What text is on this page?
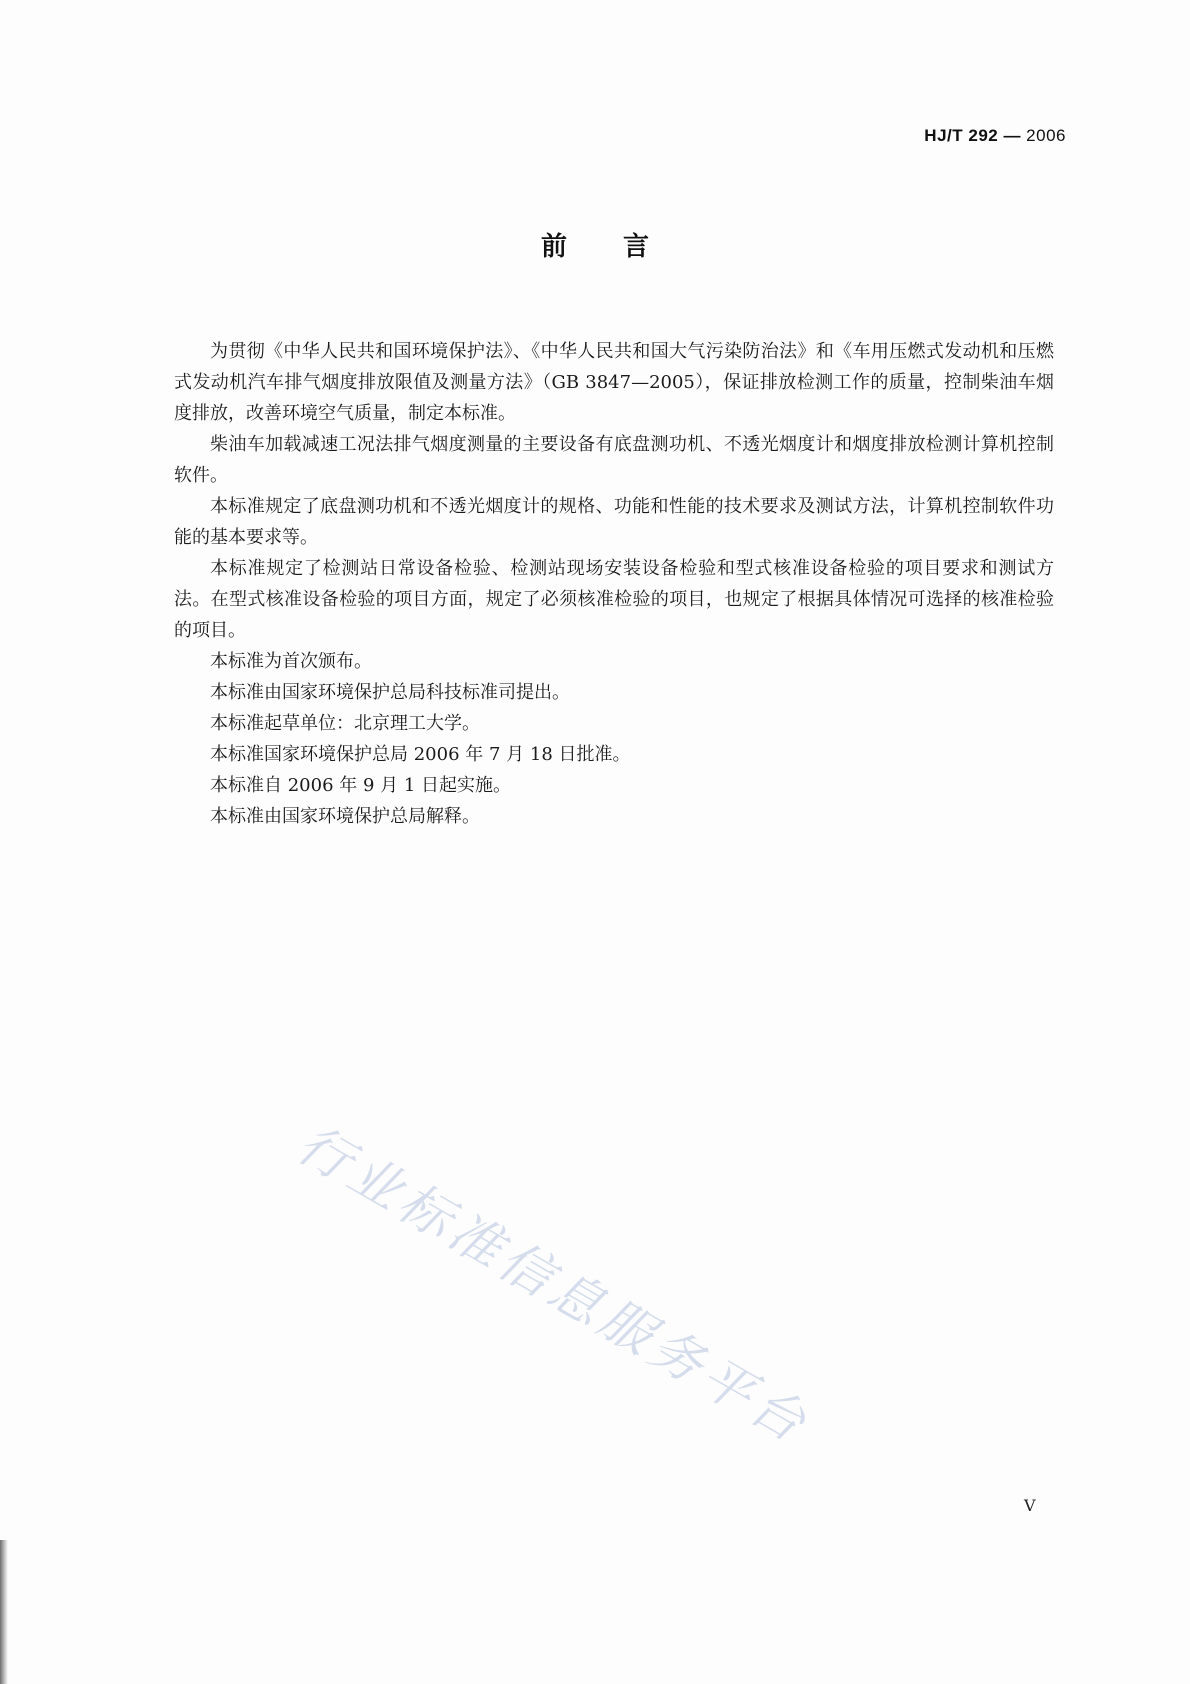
HJ/T 292 — 2006
前言

为贯彻《中华人民共和国环境保护法》、《中华人民共和国大气污染防治法》和《车用压燃式发动机和压燃式发动机汽车排气烟度排放限值及测量方法》（GB 3847—2005），保证排放检测工作的质量，控制柴油车烟度排放，改善环境空气质量，制定本标准。

柴油车加载减速工况法排气烟度测量的主要设备有底盘测功机、不透光烟度计和烟度排放检测计算机控制软件。

本标准规定了底盘测功机和不透光烟度计的规格、功能和性能的技术要求及测试方法，计算机控制软件功能的基本要求等。

本标准规定了检测站日常设备检验、检测站现场安装设备检验和型式核准设备检验的项目要求和测试方法。在型式核准设备检验的项目方面，规定了必须核准检验的项目，也规定了根据具体情况可选择的核准检验的项目。

本标准为首次颁布。

本标准由国家环境保护总局科技标准司提出。

本标准起草单位：北京理工大学。

本标准国家环境保护总局 2006 年 7 月 18 日批准。

本标准自 2006 年 9 月 1 日起实施。

本标准由国家环境保护总局解释。

行业标准信息服务平台
V
